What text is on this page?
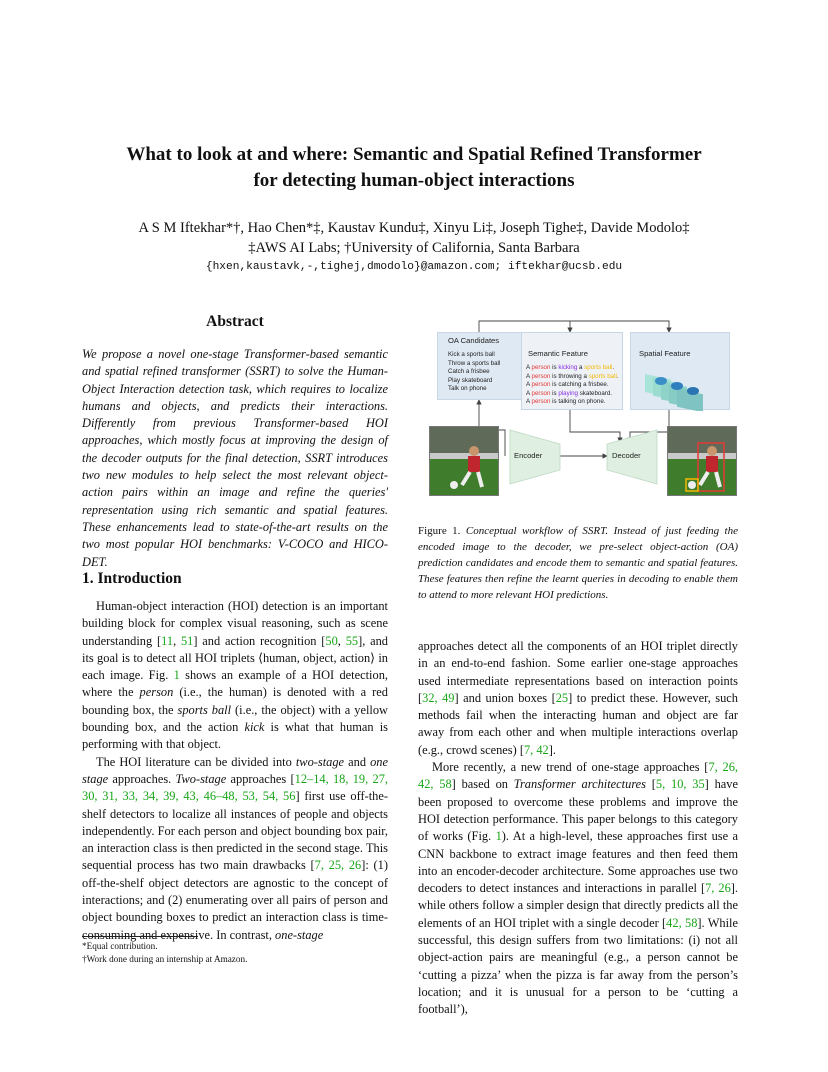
What to look at and where: Semantic and Spatial Refined Transformer
for detecting human-object interactions
A S M Iftekhar*†, Hao Chen*‡, Kaustav Kundu‡, Xinyu Li‡, Joseph Tighe‡, Davide Modolo‡
‡AWS AI Labs; †University of California, Santa Barbara
{hxen,kaustavk,-,tighej,dmodolo}@amazon.com; iftekhar@ucsb.edu
Abstract
We propose a novel one-stage Transformer-based semantic and spatial refined transformer (SSRT) to solve the Human-Object Interaction detection task, which requires to localize humans and objects, and predicts their interactions. Differently from previous Transformer-based HOI approaches, which mostly focus at improving the design of the decoder outputs for the final detection, SSRT introduces two new modules to help select the most relevant object-action pairs within an image and refine the queries' representation using rich semantic and spatial features. These enhancements lead to state-of-the-art results on the two most popular HOI benchmarks: V-COCO and HICO-DET.
1. Introduction

Human-object interaction (HOI) detection is an important building block for complex visual reasoning, such as scene understanding [11, 51] and action recognition [50, 55], and its goal is to detect all HOI triplets ⟨human, object, action⟩ in each image. Fig. 1 shows an example of a HOI detection, where the person (i.e., the human) is denoted with a red bounding box, the sports ball (i.e., the object) with a yellow bounding box, and the action kick is what that human is performing with that object.

The HOI literature can be divided into two-stage and one stage approaches. Two-stage approaches [12–14, 18, 19, 27, 30, 31, 33, 34, 39, 43, 46–48, 53, 54, 56] first use off-the-shelf detectors to localize all instances of people and objects independently. For each person and object bounding box pair, an interaction class is then predicted in the second stage. This sequential process has two main drawbacks [7, 25, 26]: (1) off-the-shelf object detectors are agnostic to the concept of interactions; and (2) enumerating over all pairs of person and object bounding boxes to predict an interaction class is time-consuming and expensive. In contrast, one-stage

*Equal contribution.
†Work done during an internship at Amazon.
OA Candidates
Kick a sports ball
Throw a sports ball
Catch a frisbee
Play skateboard
Talk on phone
Semantic Feature
A person is kicking a sports ball.
A person is throwing a sports ball.
A person is catching a frisbee.
A person is playing skateboard.
A person is talking on phone.
Spatial Feature
Encoder	Decoder
Figure 1. Conceptual workflow of SSRT. Instead of just feeding the encoded image to the decoder, we pre-select object-action (OA) prediction candidates and encode them to semantic and spatial features. These features then refine the learnt queries in decoding to enable them to attend to more relevant HOI predictions.

approaches detect all the components of an HOI triplet directly in an end-to-end fashion. Some earlier one-stage approaches used intermediate representations based on interaction points [32, 49] and union boxes [25] to predict these. However, such methods fail when the interacting human and object are far away from each other and when multiple interactions overlap (e.g., crowd scenes) [7, 42].

More recently, a new trend of one-stage approaches [7, 26, 42, 58] based on Transformer architectures [5, 10, 35] have been proposed to overcome these problems and improve the HOI detection performance. This paper belongs to this category of works (Fig. 1). At a high-level, these approaches first use a CNN backbone to extract image features and then feed them into an encoder-decoder architecture. Some approaches use two decoders to detect instances and interactions in parallel [7, 26]. while others follow a simpler design that directly predicts all the elements of an HOI triplet with a single decoder [42, 58]. While successful, this design suffers from two limitations: (i) not all object-action pairs are meaningful (e.g., a person cannot be ‘cutting a pizza’ when the pizza is far away from the person’s location; and it is unusual for a person to be ‘cutting a football’),
